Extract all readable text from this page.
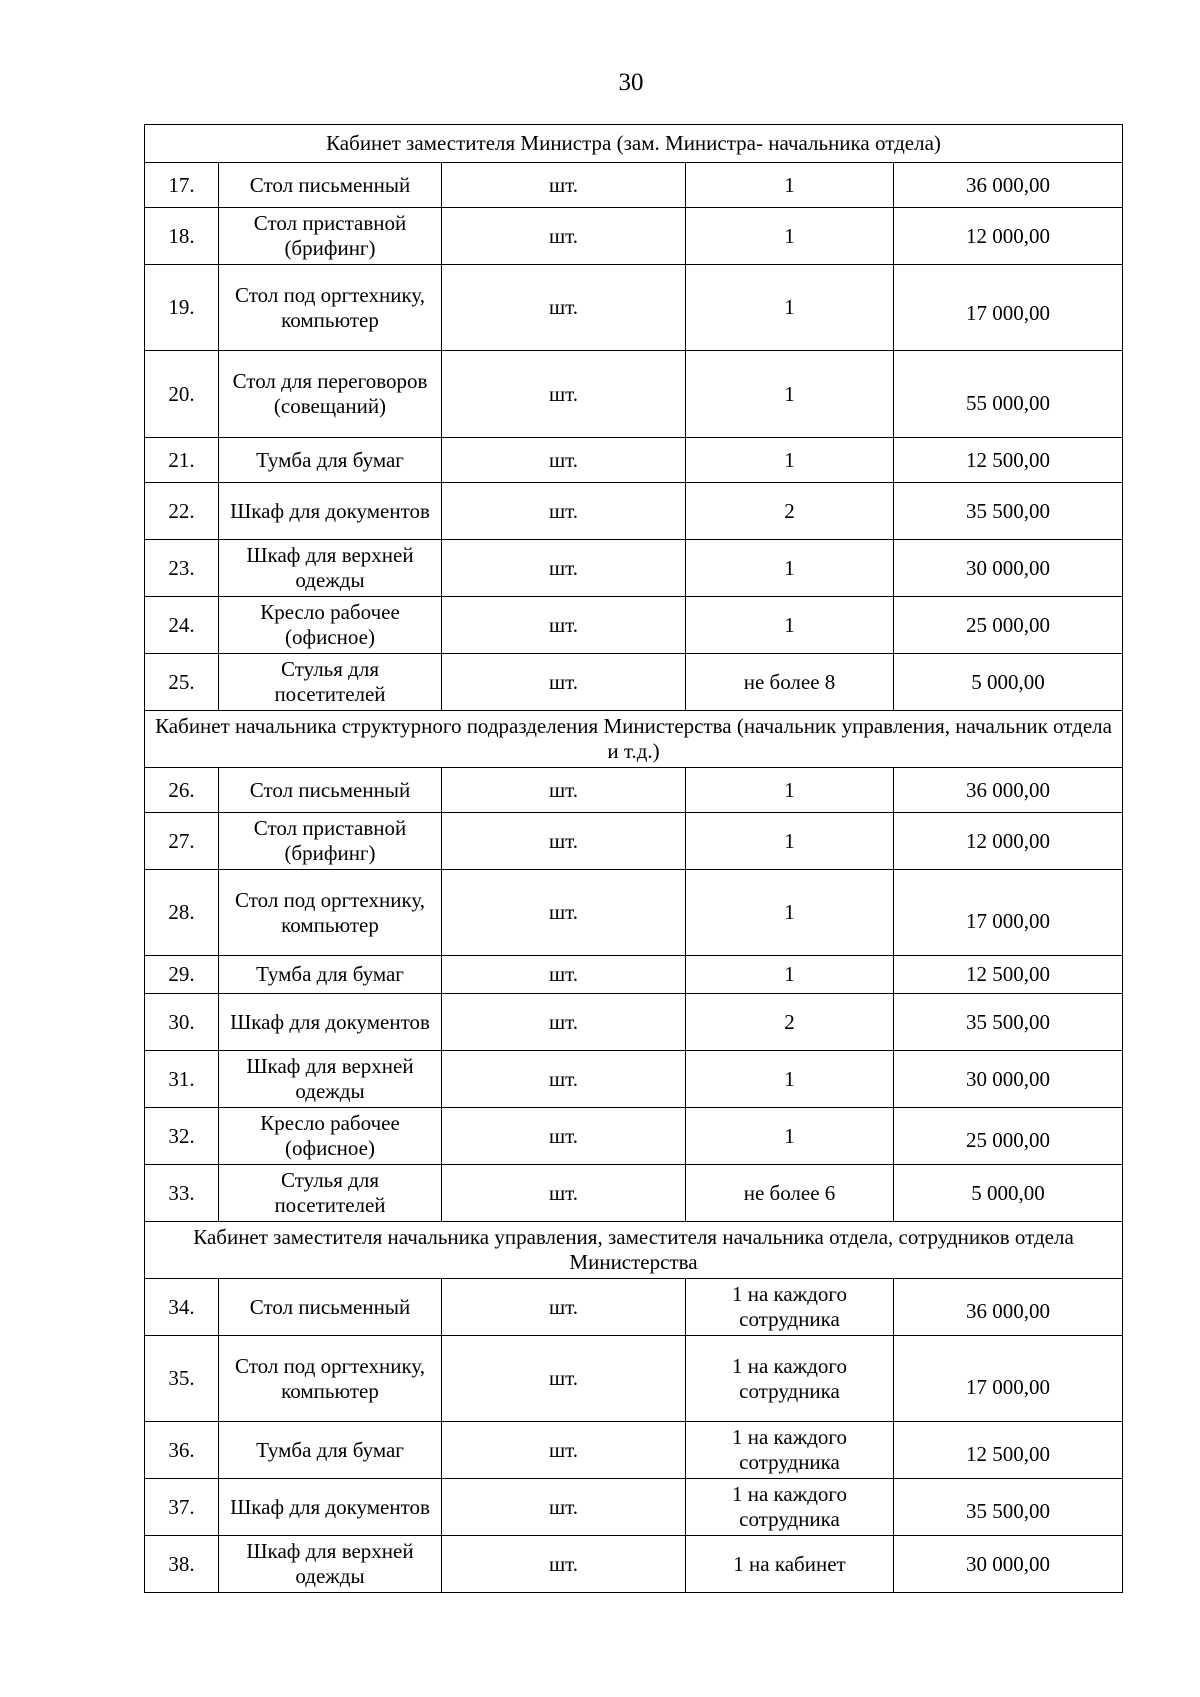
30
Кабинет заместителя Министра (зам. Министра- начальника отдела)				
17.	Стол письменный	шт.	1	36 000,00
18.	Стол приставной (брифинг)	шт.	1	12 000,00
19.	Стол под оргтехнику, компьютер	шт.	1	17 000,00
20.	Стол для переговоров (совещаний)	шт.	1	55 000,00
21.	Тумба для бумаг	шт.	1	12 500,00
22.	Шкаф для документов	шт.	2	35 500,00
23.	Шкаф для верхней одежды	шт.	1	30 000,00
24.	Кресло рабочее (офисное)	шт.	1	25 000,00
25.	Стулья для посетителей	шт.	не более 8	5 000,00
Кабинет начальника структурного подразделения Министерства (начальник управления, начальник отдела и т.д.)				
26.	Стол письменный	шт.	1	36 000,00
27.	Стол приставной (брифинг)	шт.	1	12 000,00
28.	Стол под оргтехнику, компьютер	шт.	1	17 000,00
29.	Тумба для бумаг	шт.	1	12 500,00
30.	Шкаф для документов	шт.	2	35 500,00
31.	Шкаф для верхней одежды	шт.	1	30 000,00
32.	Кресло рабочее (офисное)	шт.	1	25 000,00
33.	Стулья для посетителей	шт.	не более 6	5 000,00
Кабинет заместителя начальника управления, заместителя начальника отдела, сотрудников отдела Министерства				
34.	Стол письменный	шт.	1 на каждого сотрудника	36 000,00
35.	Стол под оргтехнику, компьютер	шт.	1 на каждого сотрудника	17 000,00
36.	Тумба для бумаг	шт.	1 на каждого сотрудника	12 500,00
37.	Шкаф для документов	шт.	1 на каждого сотрудника	35 500,00
38.	Шкаф для верхней одежды	шт.	1 на кабинет	30 000,00
